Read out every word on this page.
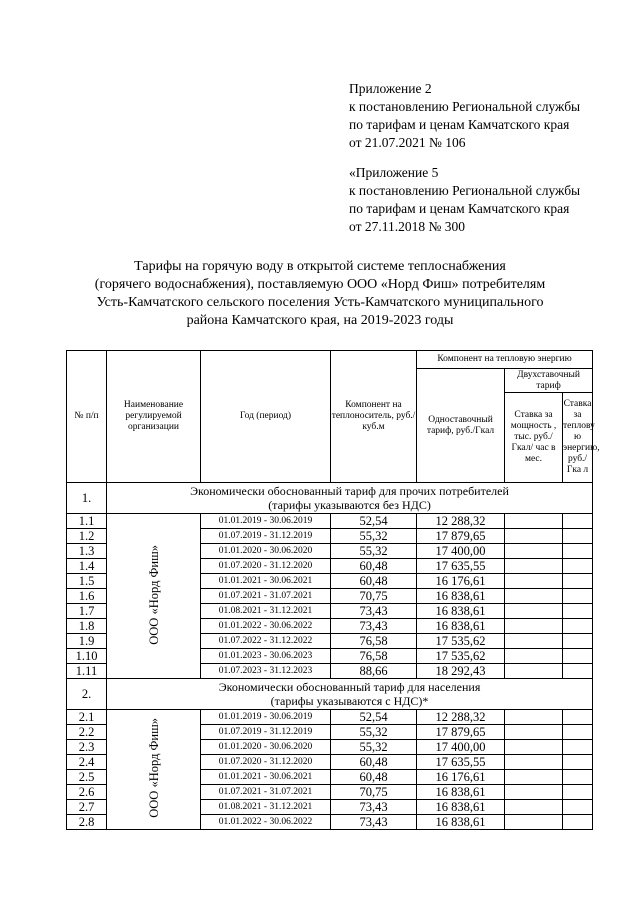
Приложение 2
к постановлению Региональной службы
по тарифам и ценам Камчатского края
от 21.07.2021 № 106
«Приложение 5
к постановлению Региональной службы
по тарифам и ценам Камчатского края
от 27.11.2018 № 300
Тарифы на горячую воду в открытой системе теплоснабжения
(горячего водоснабжения), поставляемую ООО «Норд Фиш» потребителям
Усть-Камчатского сельского поселения Усть-Камчатского муниципального
района Камчатского края, на 2019-2023 годы
№ п/п	Наименование регулируемой организации	Год (период)	Компонент на теплоноситель, руб./куб.м	Компонент на тепловую энергию		
				Одноставочный тариф, руб./Гкал	Двухставочный тариф	
					Ставка за мощность , тыс. руб./Гкал/ час в мес.	Ставка за теплову ю энергию, руб./Гка л
1.	Экономически обоснованный тариф для прочих потребителей
(тарифы указываются без НДС)					

1.1	ООО «Норд Фиш»	01.01.2019 - 30.06.2019	52,54	12 288,32		
1.2		01.07.2019 - 31.12.2019	55,32	17 879,65		
1.3		01.01.2020 - 30.06.2020	55,32	17 400,00		
1.4		01.07.2020 - 31.12.2020	60,48	17 635,55		
1.5		01.01.2021 - 30.06.2021	60,48	16 176,61		
1.6		01.07.2021 - 31.07.2021	70,75	16 838,61		
1.7		01.08.2021 - 31.12.2021	73,43	16 838,61		
1.8		01.01.2022 - 30.06.2022	73,43	16 838,61		
1.9		01.07.2022 - 31.12.2022	76,58	17 535,62		
1.10		01.01.2023 - 30.06.2023	76,58	17 535,62		
1.11		01.07.2023 - 31.12.2023	88,66	18 292,43		
2.	Экономически обоснованный тариф для населения
(тарифы указываются с НДС)*					

2.1	ООО «Норд Фиш»	01.01.2019 - 30.06.2019	52,54	12 288,32		
2.2		01.07.2019 - 31.12.2019	55,32	17 879,65		
2.3		01.01.2020 - 30.06.2020	55,32	17 400,00		
2.4		01.07.2020 - 31.12.2020	60,48	17 635,55		
2.5		01.01.2021 - 30.06.2021	60,48	16 176,61		
2.6		01.07.2021 - 31.07.2021	70,75	16 838,61		
2.7		01.08.2021 - 31.12.2021	73,43	16 838,61		
2.8		01.01.2022 - 30.06.2022	73,43	16 838,61		
